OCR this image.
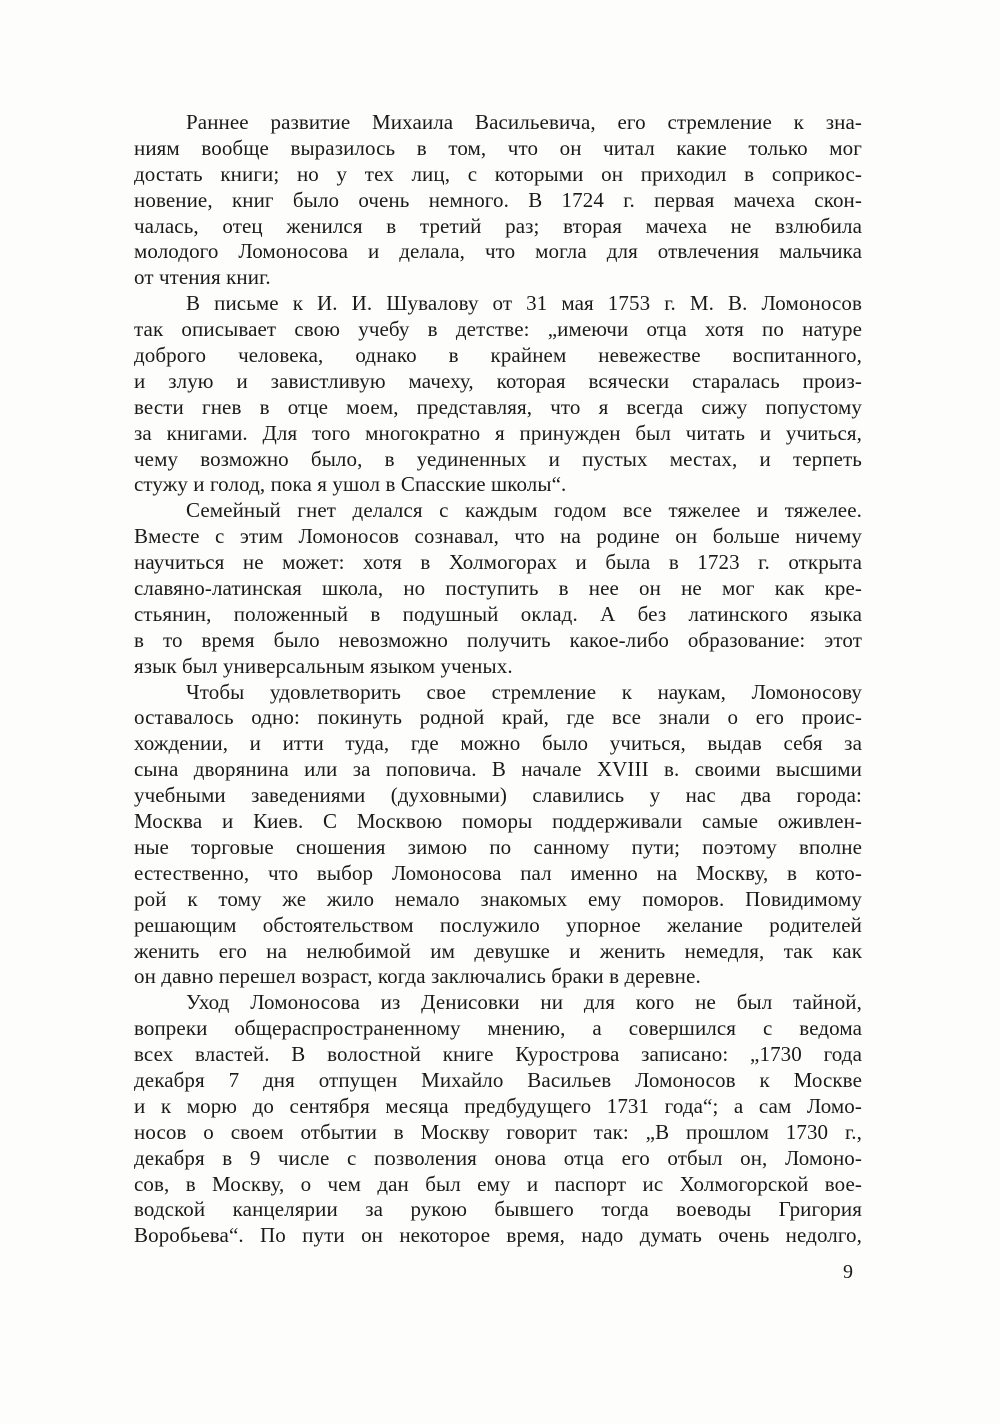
Раннее развитие Михаила Васильевича, его стремление к зна-
ниям вообще выразилось в том, что он читал какие только мог
достать книги; но у тех лиц, с которыми он приходил в соприкос-
новение, книг было очень немного. В 1724 г. первая мачеха скон-
чалась, отец женился в третий раз; вторая мачеха не взлюбила
молодого Ломоносова и делала, что могла для отвлечения мальчика
от чтения книг.
В письме к И. И. Шувалову от 31 мая 1753 г. М. В. Ломоносов
так описывает свою учебу в детстве: „имеючи отца хотя по натуре
доброго человека, однако в крайнем невежестве воспитанного,
и злую и завистливую мачеху, которая всячески старалась произ-
вести гнев в отце моем, представляя, что я всегда сижу попустому
за книгами. Для того многократно я принужден был читать и учиться,
чему возможно было, в уединенных и пустых местах, и терпеть
стужу и голод, пока я ушол в Спасские школы“.
Семейный гнет делался с каждым годом все тяжелее и тяжелее.
Вместе с этим Ломоносов сознавал, что на родине он больше ничему
научиться не может: хотя в Холмогорах и была в 1723 г. открыта
славяно-латинская школа, но поступить в нее он не мог как кре-
стьянин, положенный в подушный оклад. А без латинского языка
в то время было невозможно получить какое-либо образование: этот
язык был универсальным языком ученых.
Чтобы удовлетворить свое стремление к наукам, Ломоносову
оставалось одно: покинуть родной край, где все знали о его проис-
хождении, и итти туда, где можно было учиться, выдав себя за
сына дворянина или за поповича. В начале XVIII в. своими высшими
учебными заведениями (духовными) славились у нас два города:
Москва и Киев. С Москвою поморы поддерживали самые оживлен-
ные торговые сношения зимою по санному пути; поэтому вполне
естественно, что выбор Ломоносова пал именно на Москву, в кото-
рой к тому же жило немало знакомых ему поморов. Повидимому
решающим обстоятельством послужило упорное желание родителей
женить его на нелюбимой им девушке и женить немедля, так как
он давно перешел возраст, когда заключались браки в деревне.
Уход Ломоносова из Денисовки ни для кого не был тайной,
вопреки общераспространенному мнению, а совершился с ведома
всех властей. В волостной книге Курострова записано: „1730 года
декабря 7 дня отпущен Михайло Васильев Ломоносов к Москве
и к морю до сентября месяца предбудущего 1731 года“; а сам Ломо-
носов о своем отбытии в Москву говорит так: „В прошлом 1730 г.,
декабря в 9 числе с позволения онова отца его отбыл он, Ломоно-
сов, в Москву, о чем дан был ему и паспорт ис Холмогорской вое-
водской канцелярии за рукою бывшего тогда воеводы Григория
Воробьева“. По пути он некоторое время, надо думать очень недолго,
9
